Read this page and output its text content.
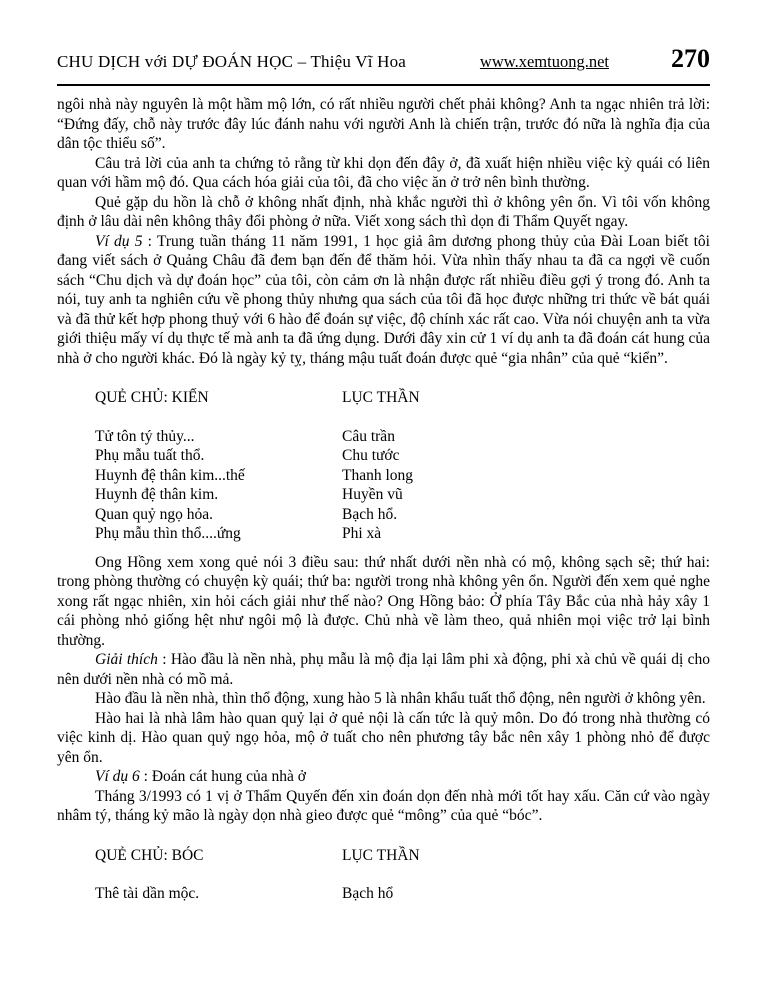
CHU DỊCH với DỰ ĐOÁN HỌC – Thiệu Vĩ Hoa	www.xemtuong.net 270

ngôi nhà này nguyên là một hầm mộ lớn, có rất nhiều người chết phải không? Anh ta ngạc nhiên trả lời: “Đứng đấy, chỗ này trước đây lúc đánh nahu với người Anh là chiến trận, trước đó nữa là nghĩa địa của dân tộc thiểu số”.

Câu trả lời của anh ta chứng tỏ rằng từ khi dọn đến đây ở, đã xuất hiện nhiều việc kỳ quái có liên quan với hầm mộ đó. Qua cách hóa giải của tôi, đã cho việc ăn ở trở nên bình thường.

Quẻ gặp du hồn là chỗ ở không nhất định, nhà khắc người thì ở không yên ổn. Vì tôi vốn không định ở lâu dài nên không thây đổi phòng ở nữa. Viết xong sách thì dọn đi Thẩm Quyết ngay.

Ví dụ 5 : Trung tuần tháng 11 năm 1991, 1 học giả âm dương phong thủy của Đài Loan biết tôi đang viết sách ở Quảng Châu đã đem bạn đến để thăm hỏi. Vừa nhìn thấy nhau ta đã ca ngợi về cuốn sách “Chu dịch và dự đoán học” của tôi, còn cảm ơn là nhận được rất nhiều điều gợi ý trong đó. Anh ta nói, tuy anh ta nghiên cứu về phong thủy nhưng qua sách của tôi đã học được những tri thức về bát quái và đã thử kết hợp phong thuỷ với 6 hào để đoán sự việc, độ chính xác rất cao. Vừa nói chuyện anh ta vừa giới thiệu mấy ví dụ thực tế mà anh ta đã ứng dụng. Dưới đây xin cử 1 ví dụ anh ta đã đoán cát hung của nhà ở cho người khác. Đó là ngày kỷ tỵ, tháng mậu tuất đoán được quẻ “gia nhân” của quẻ “kiển”.

QUẺ CHỦ: KIẾN	LỤC THẦN
Tử tôn tý thủy...	Câu trần
Phụ mẫu tuất thổ.	Chu tước
Huynh đệ thân kim...thế	Thanh long
Huynh đệ thân kim.	Huyền vũ
Quan quỷ ngọ hỏa.	Bạch hổ.
Phụ mẫu thìn thổ....ứng	Phi xà

Ong Hồng xem xong quẻ nói 3 điều sau: thứ nhất dưới nền nhà có mộ, không sạch sẽ; thứ hai: trong phòng thường có chuyện kỳ quái; thứ ba: người trong nhà không yên ổn. Người đến xem quẻ nghe xong rất ngạc nhiên, xin hỏi cách giải như thế nào? Ong Hồng bảo: Ở phía Tây Bắc của nhà hảy xây 1 cái phòng nhỏ giống hệt như ngôi mộ là được. Chủ nhà về làm theo, quả nhiên mọi việc trở lại bình thường.

Giải thích : Hào đầu là nền nhà, phụ mẫu là mộ địa lại lâm phi xà động, phi xà chủ về quái dị cho nên dưới nền nhà có mồ mả.

Hào đầu là nền nhà, thìn thổ động, xung hào 5 là nhân khẩu tuất thổ động, nên người ở không yên.

Hào hai là nhà lâm hào quan quỷ lại ở quẻ nội là cấn tức là quỷ môn. Do đó trong nhà thường có việc kinh dị. Hào quan quỷ ngọ hỏa, mộ ở tuất cho nên phương tây bắc nên xây 1 phòng nhỏ để được yên ổn.

Ví dụ 6 : Đoán cát hung của nhà ở

Tháng 3/1993 có 1 vị ở Thẩm Quyến đến xin đoán dọn đến nhà mới tốt hay xấu. Căn cứ vào ngày nhâm tý, tháng kỷ mão là ngày dọn nhà gieo được quẻ “mông” của quẻ “bóc”.

QUẺ CHỦ: BÓC	LỤC THẦN
Thê tài dần mộc.	Bạch hổ
